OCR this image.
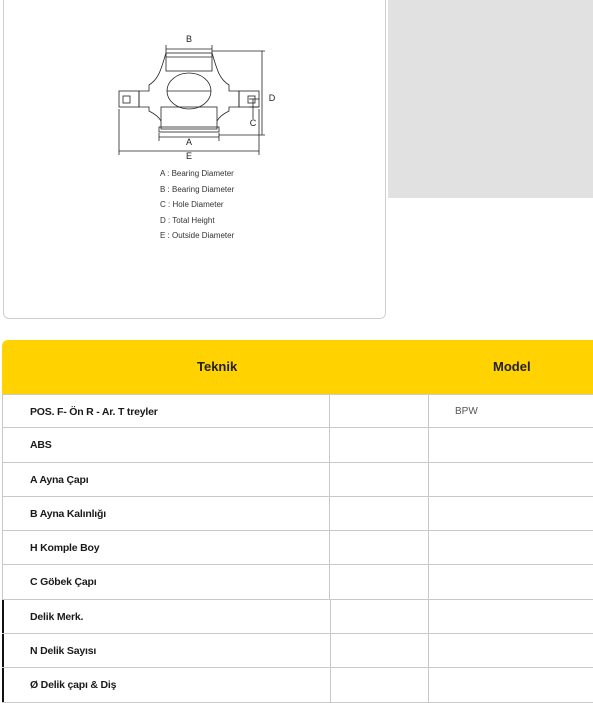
B
D
C
A
E
A : Bearing Diameter
B : Bearing Diameter
C : Hole Diameter
D : Total Height
E : Outside Diameter
Teknik	Model
POS. F- Ön R - Ar. T treyler	BPW
ABS
A Ayna Çapı
B Ayna Kalınlığı
H Komple Boy
C Göbek Çapı
Delik Merk.
N Delik Sayısı
Ø Delik çapı & Diş
